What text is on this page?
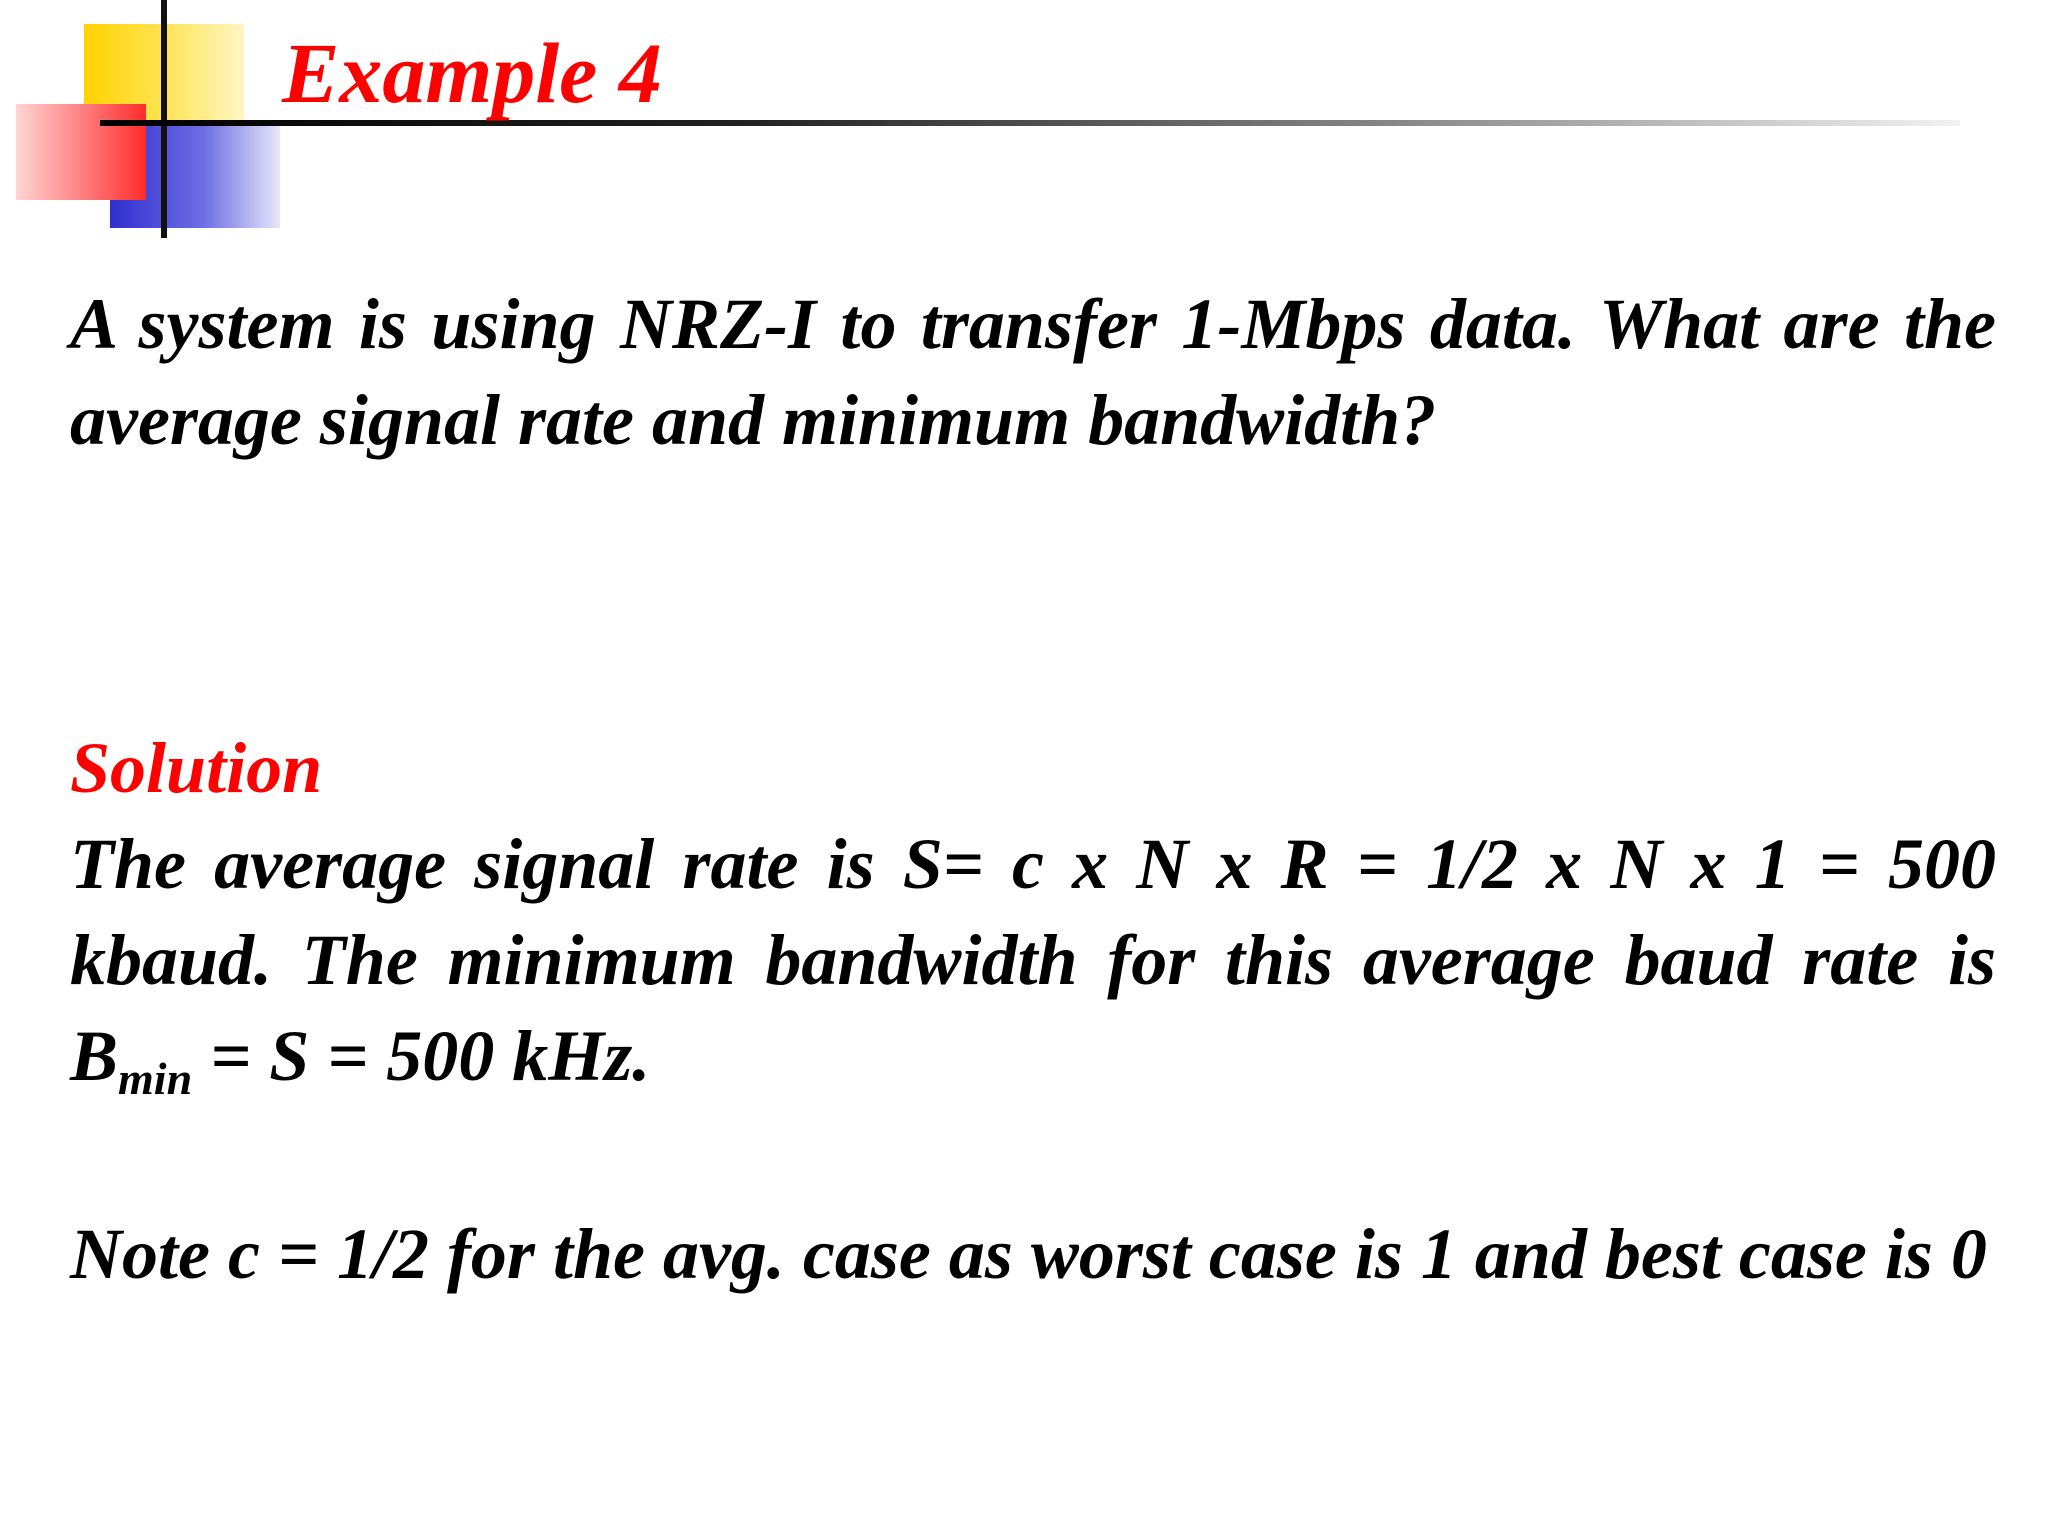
Example 4
A system is using NRZ-I to transfer 1-Mbps data. What are the average signal rate and minimum bandwidth?
Solution
The average signal rate is S= c x N x R = 1/2 x N x 1 = 500 kbaud. The minimum bandwidth for this average baud rate is $B_{min} = S = 500$ kHz.
Note c = 1/2 for the avg. case as worst case is 1 and best case is 0
